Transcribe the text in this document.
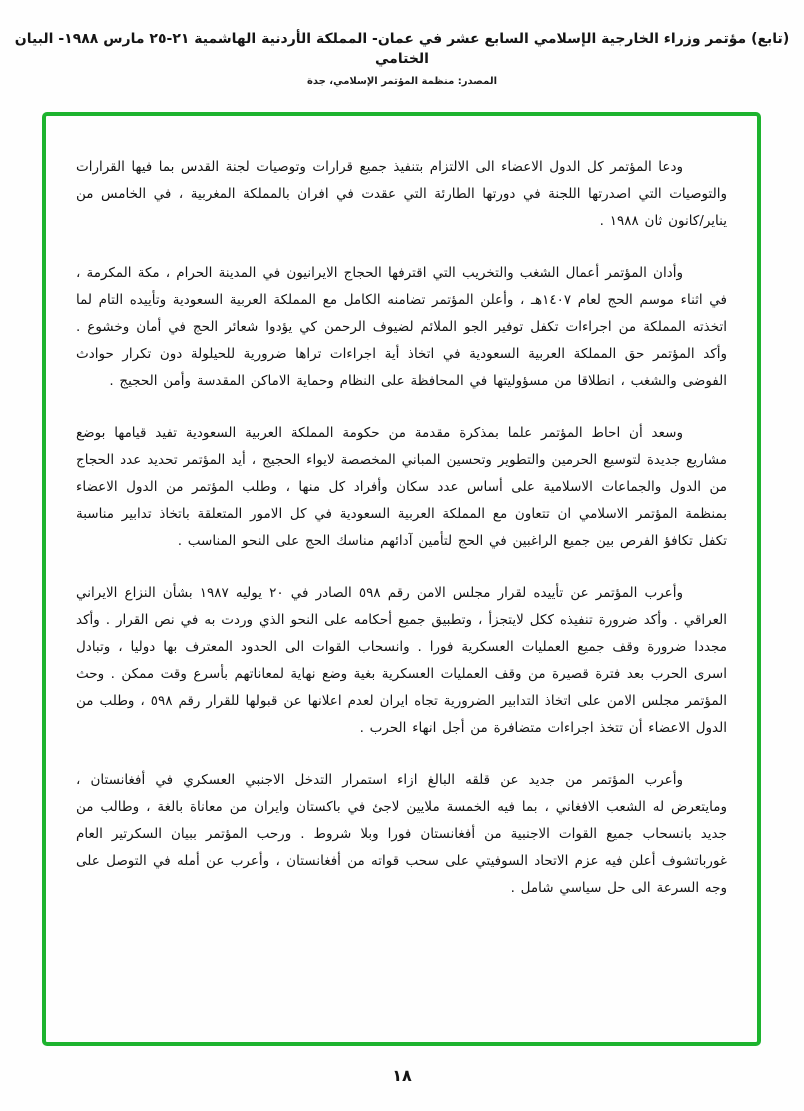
(تابع) مؤتمر وزراء الخارجية الإسلامي السابع عشر في عمان- المملكة الأردنية الهاشمية ٢١-٢٥ مارس ١٩٨٨- البيان الختامي
المصدر: منظمة المؤتمر الإسلامي، جدة

ودعا المؤتمر كل الدول الاعضاء الى الالتزام بتنفيذ جميع قرارات وتوصيات لجنة القدس بما فيها القرارات والتوصيات التي اصدرتها اللجنة في دورتها الطارئة التي عقدت في افران بالمملكة المغربية ، في الخامس من يناير/كانون ثان ١٩٨٨ .

وأدان المؤتمر أعمال الشغب والتخريب التي اقترفها الحجاج الايرانيون في المدينة الحرام ، مكة المكرمة ، في اثناء موسم الحج لعام ١٤٠٧هـ ، وأعلن المؤتمر تضامنه الكامل مع المملكة العربية السعودية وتأييده التام لما اتخذته المملكة من اجراءات تكفل توفير الجو الملائم لضيوف الرحمن كي يؤدوا شعائر الحج في أمان وخشوع . وأكد المؤتمر حق المملكة العربية السعودية في اتخاذ أية اجراءات تراها ضرورية للحيلولة دون تكرار حوادث الفوضى والشغب ، انطلاقا من مسؤوليتها في المحافظة على النظام وحماية الاماكن المقدسة وأمن الحجيج .

وسعد أن احاط المؤتمر علما بمذكرة مقدمة من حكومة المملكة العربية السعودية تفيد قيامها بوضع مشاريع جديدة لتوسيع الحرمين والتطوير وتحسين المباني المخصصة لايواء الحجيج ، أيد المؤتمر تحديد عدد الحجاج من الدول والجماعات الاسلامية على أساس عدد سكان وأفراد كل منها ، وطلب المؤتمر من الدول الاعضاء بمنظمة المؤتمر الاسلامي ان تتعاون مع المملكة العربية السعودية في كل الامور المتعلقة باتخاذ تدابير مناسبة تكفل تكافؤ الفرص بين جميع الراغبين في الحج لتأمين آدائهم مناسك الحج على النحو المناسب .

وأعرب المؤتمر عن تأييده لقرار مجلس الامن رقم ٥٩٨ الصادر في ٢٠ يوليه ١٩٨٧ بشأن النزاع الايراني العراقي . وأكد ضرورة تنفيذه ككل لايتجزأ ، وتطبيق جميع أحكامه على النحو الذي وردت به في نص القرار . وأكد مجددا ضرورة وقف جميع العمليات العسكرية فورا . وانسحاب القوات الى الحدود المعترف بها دوليا ، وتبادل اسرى الحرب بعد فترة قصيرة من وقف العمليات العسكرية بغية وضع نهاية لمعاناتهم بأسرع وقت ممكن . وحث المؤتمر مجلس الامن على اتخاذ التدابير الضرورية تجاه ايران لعدم اعلانها عن قبولها للقرار رقم ٥٩٨ ، وطلب من الدول الاعضاء أن تتخذ اجراءات متضافرة من أجل انهاء الحرب .

وأعرب المؤتمر من جديد عن قلقه البالغ ازاء استمرار التدخل الاجنبي العسكري في أفغانستان ، ومايتعرض له الشعب الافغاني ، بما فيه الخمسة ملايين لاجئ في باكستان وايران من معاناة بالغة ، وطالب من جديد بانسحاب جميع القوات الاجنبية من أفغانستان فورا وبلا شروط . ورحب المؤتمر ببيان السكرتير العام غورباتشوف أعلن فيه عزم الاتحاد السوفيتي على سحب قواته من أفغانستان ، وأعرب عن أمله في التوصل على وجه السرعة الى حل سياسي شامل .

١٨
